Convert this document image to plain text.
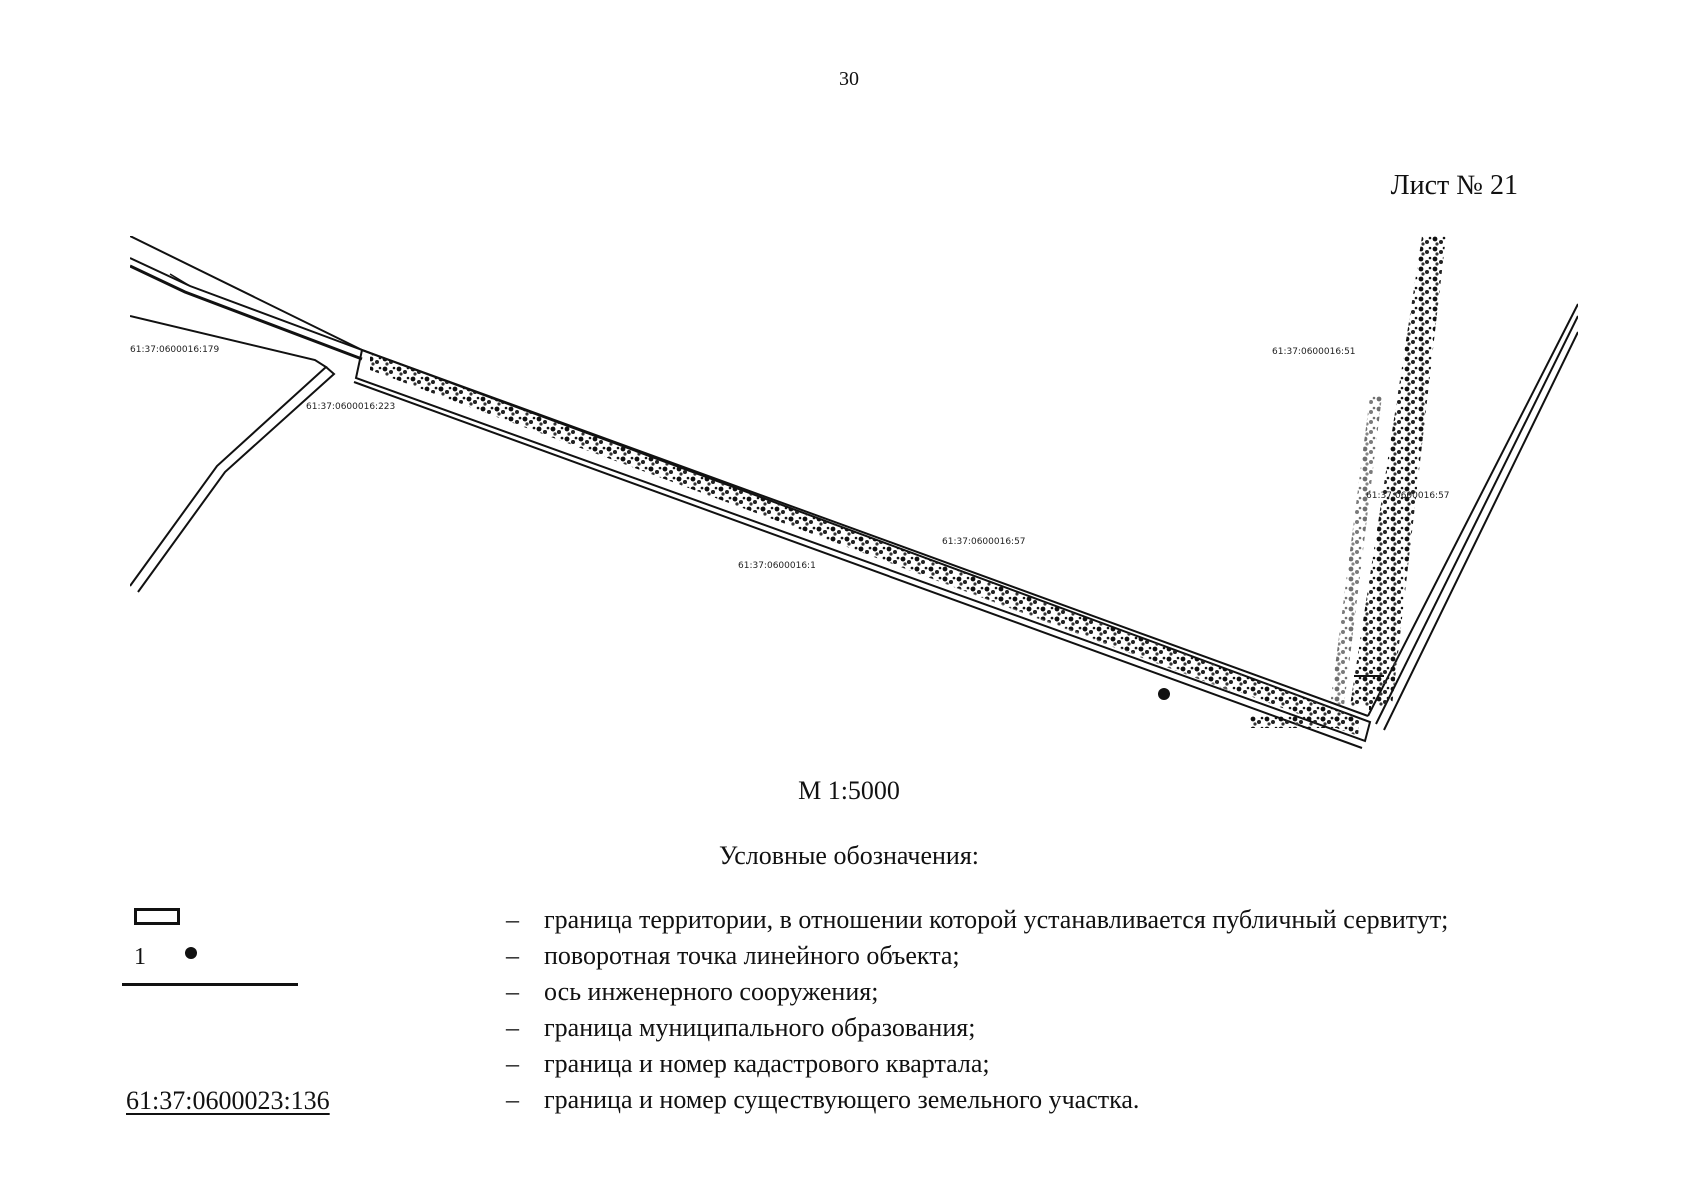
30
Лист № 21
61:37:0600016:179
61:37:0600016:223
61:37:0600016:1
61:37:0600016:57
61:37:0600016:51
61:37:0600016:57
М 1:5000
Условные обозначения:
1
61:37:0600023:136
– граница территории, в отношении которой устанавливается публичный сервитут;
– поворотная точка линейного объекта;
– ось инженерного сооружения;
– граница муниципального образования;
– граница и номер кадастрового квартала;
– граница и номер существующего земельного участка.
